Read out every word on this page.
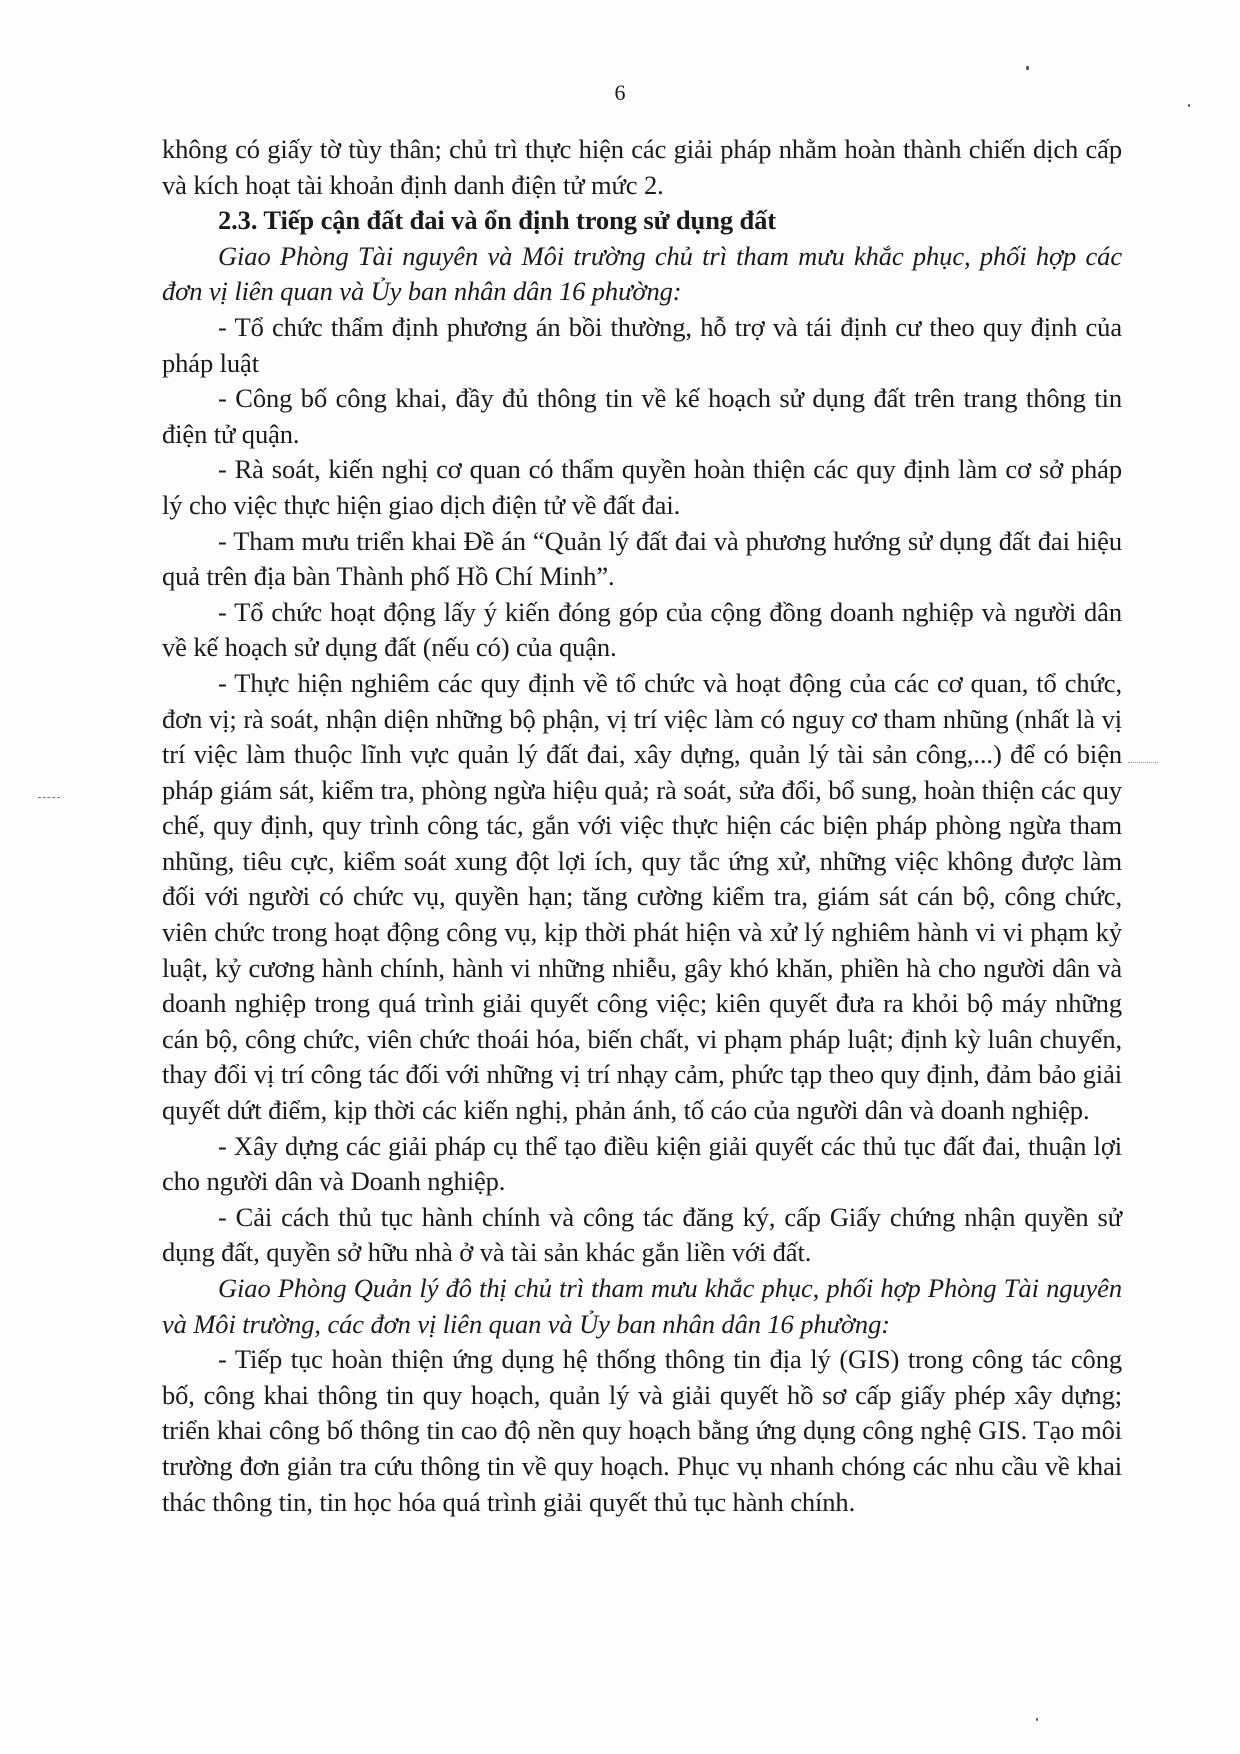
6

không có giấy tờ tùy thân; chủ trì thực hiện các giải pháp nhằm hoàn thành chiến dịch cấp và kích hoạt tài khoản định danh điện tử mức 2.

2.3. Tiếp cận đất đai và ổn định trong sử dụng đất

Giao Phòng Tài nguyên và Môi trường chủ trì tham mưu khắc phục, phối hợp các đơn vị liên quan và Ủy ban nhân dân 16 phường:

- Tổ chức thẩm định phương án bồi thường, hỗ trợ và tái định cư theo quy định của pháp luật

- Công bố công khai, đầy đủ thông tin về kế hoạch sử dụng đất trên trang thông tin điện tử quận.

- Rà soát, kiến nghị cơ quan có thẩm quyền hoàn thiện các quy định làm cơ sở pháp lý cho việc thực hiện giao dịch điện tử về đất đai.

- Tham mưu triển khai Đề án “Quản lý đất đai và phương hướng sử dụng đất đai hiệu quả trên địa bàn Thành phố Hồ Chí Minh”.

- Tổ chức hoạt động lấy ý kiến đóng góp của cộng đồng doanh nghiệp và người dân về kế hoạch sử dụng đất (nếu có) của quận.

- Thực hiện nghiêm các quy định về tổ chức và hoạt động của các cơ quan, tổ chức, đơn vị; rà soát, nhận diện những bộ phận, vị trí việc làm có nguy cơ tham nhũng (nhất là vị trí việc làm thuộc lĩnh vực quản lý đất đai, xây dựng, quản lý tài sản công,...) để có biện pháp giám sát, kiểm tra, phòng ngừa hiệu quả; rà soát, sửa đổi, bổ sung, hoàn thiện các quy chế, quy định, quy trình công tác, gắn với việc thực hiện các biện pháp phòng ngừa tham nhũng, tiêu cực, kiểm soát xung đột lợi ích, quy tắc ứng xử, những việc không được làm đối với người có chức vụ, quyền hạn; tăng cường kiểm tra, giám sát cán bộ, công chức, viên chức trong hoạt động công vụ, kịp thời phát hiện và xử lý nghiêm hành vi vi phạm kỷ luật, kỷ cương hành chính, hành vi những nhiễu, gây khó khăn, phiền hà cho người dân và doanh nghiệp trong quá trình giải quyết công việc; kiên quyết đưa ra khỏi bộ máy những cán bộ, công chức, viên chức thoái hóa, biến chất, vi phạm pháp luật; định kỳ luân chuyển, thay đổi vị trí công tác đối với những vị trí nhạy cảm, phức tạp theo quy định, đảm bảo giải quyết dứt điểm, kịp thời các kiến nghị, phản ánh, tố cáo của người dân và doanh nghiệp.

- Xây dựng các giải pháp cụ thể tạo điều kiện giải quyết các thủ tục đất đai, thuận lợi cho người dân và Doanh nghiệp.

- Cải cách thủ tục hành chính và công tác đăng ký, cấp Giấy chứng nhận quyền sử dụng đất, quyền sở hữu nhà ở và tài sản khác gắn liền với đất.

Giao Phòng Quản lý đô thị chủ trì tham mưu khắc phục, phối hợp Phòng Tài nguyên và Môi trường, các đơn vị liên quan và Ủy ban nhân dân 16 phường:

- Tiếp tục hoàn thiện ứng dụng hệ thống thông tin địa lý (GIS) trong công tác công bố, công khai thông tin quy hoạch, quản lý và giải quyết hồ sơ cấp giấy phép xây dựng; triển khai công bố thông tin cao độ nền quy hoạch bằng ứng dụng công nghệ GIS. Tạo môi trường đơn giản tra cứu thông tin về quy hoạch. Phục vụ nhanh chóng các nhu cầu về khai thác thông tin, tin học hóa quá trình giải quyết thủ tục hành chính.
